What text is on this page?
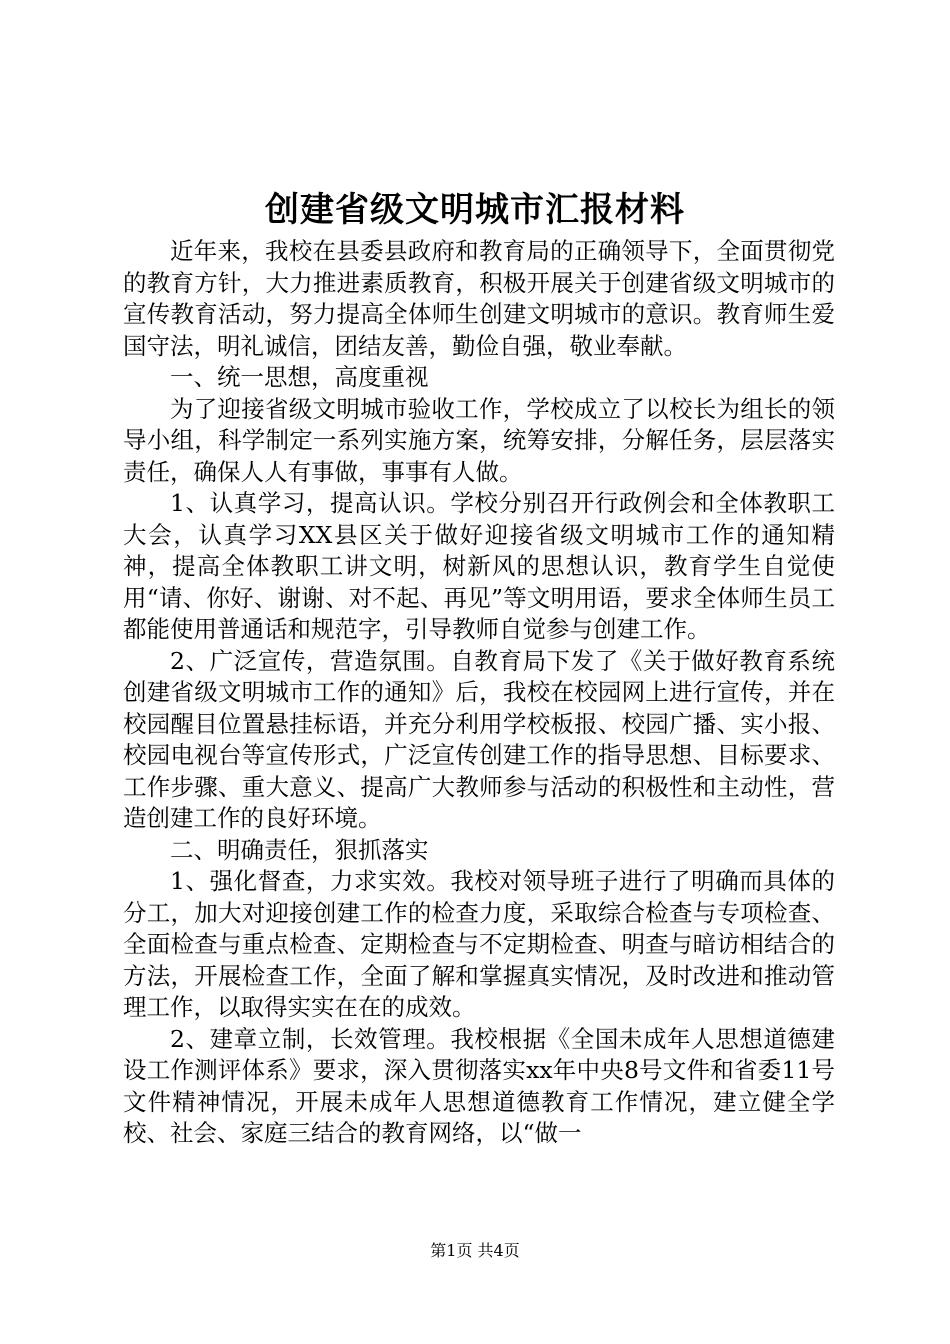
创建省级文明城市汇报材料

近年来，我校在县委县政府和教育局的正确领导下，全面贯彻党的教育方针，大力推进素质教育，积极开展关于创建省级文明城市的宣传教育活动，努力提高全体师生创建文明城市的意识。教育师生爱国守法，明礼诚信，团结友善，勤俭自强，敬业奉献。

一、统一思想，高度重视

为了迎接省级文明城市验收工作，学校成立了以校长为组长的领导小组，科学制定一系列实施方案，统筹安排，分解任务，层层落实责任，确保人人有事做，事事有人做。

1、认真学习，提高认识。学校分别召开行政例会和全体教职工大会，认真学习XX县区关于做好迎接省级文明城市工作的通知精神，提高全体教职工讲文明，树新风的思想认识，教育学生自觉使用“请、你好、谢谢、对不起、再见”等文明用语，要求全体师生员工都能使用普通话和规范字，引导教师自觉参与创建工作。

2、广泛宣传，营造氛围。自教育局下发了《关于做好教育系统创建省级文明城市工作的通知》后，我校在校园网上进行宣传，并在校园醒目位置悬挂标语，并充分利用学校板报、校园广播、实小报、校园电视台等宣传形式，广泛宣传创建工作的指导思想、目标要求、工作步骤、重大意义、提高广大教师参与活动的积极性和主动性，营造创建工作的良好环境。

二、明确责任，狠抓落实

1、强化督查，力求实效。我校对领导班子进行了明确而具体的分工，加大对迎接创建工作的检查力度，采取综合检查与专项检查、全面检查与重点检查、定期检查与不定期检查、明查与暗访相结合的方法，开展检查工作，全面了解和掌握真实情况，及时改进和推动管理工作，以取得实实在在的成效。

2、建章立制，长效管理。我校根据《全国未成年人思想道德建设工作测评体系》要求，深入贯彻落实xx年中央8号文件和省委11号文件精神情况，开展未成年人思想道德教育工作情况，建立健全学校、社会、家庭三结合的教育网络，以“做一

第1页 共4页
